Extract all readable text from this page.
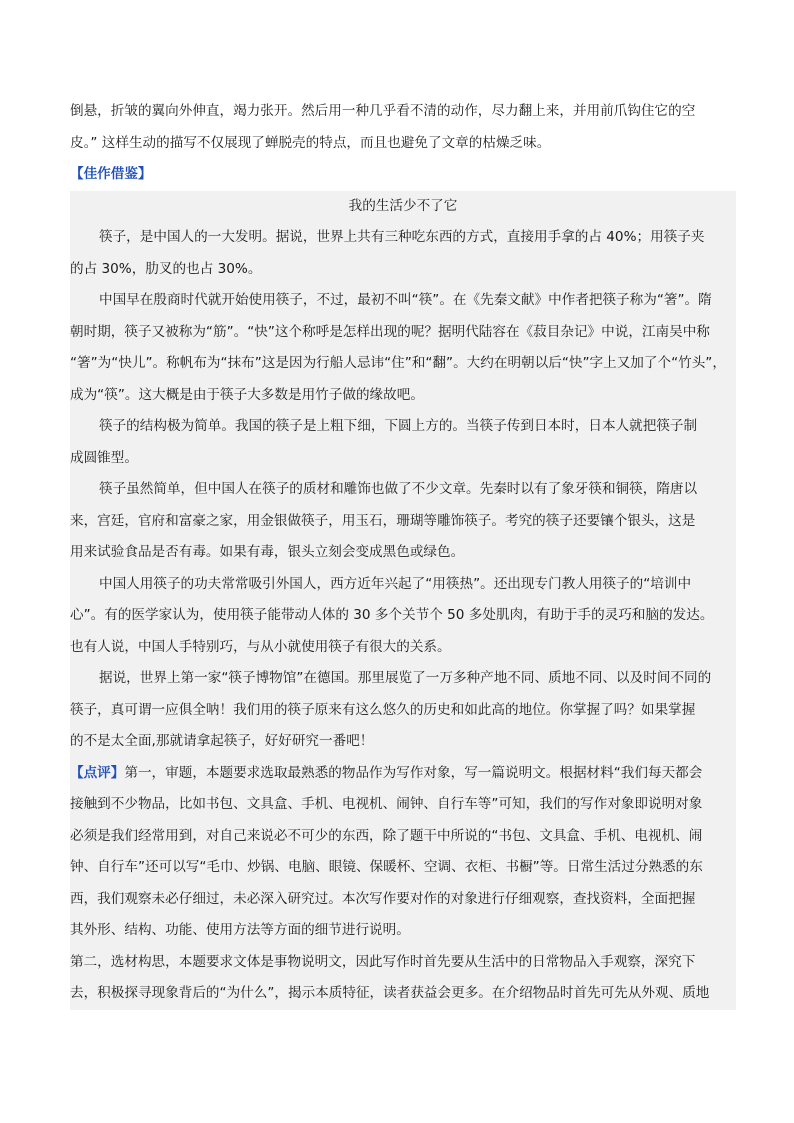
倒悬，折皱的翼向外伸直，竭力张开。然后用一种几乎看不清的动作，尽力翻上来，并用前爪钩住它的空

皮。” 这样生动的描写不仅展现了蝉脱壳的特点，而且也避免了文章的枯燥乏味。

【佳作借鉴】

我的生活少不了它

筷子，是中国人的一大发明。据说，世界上共有三种吃东西的方式，直接用手拿的占 40%；用筷子夹

的占 30%，肋叉的也占 30%。

中国早在殷商时代就开始使用筷子，不过，最初不叫“筷”。在《先秦文献》中作者把筷子称为“箸”。隋

朝时期，筷子又被称为“筋”。“快”这个称呼是怎样出现的呢？据明代陆容在《菽目杂记》中说，江南吴中称

“箸”为“快儿”。称帆布为“抹布”这是因为行船人忌讳“住”和“翻”。大约在明朝以后“快”字上又加了个“竹头”，

成为“筷”。这大概是由于筷子大多数是用竹子做的缘故吧。

筷子的结构极为简单。我国的筷子是上粗下细，下圆上方的。当筷子传到日本时，日本人就把筷子制

成圆锥型。

筷子虽然简单，但中国人在筷子的质材和雕饰也做了不少文章。先秦时以有了象牙筷和铜筷，隋唐以

来，宫廷，官府和富豪之家，用金银做筷子，用玉石，珊瑚等雕饰筷子。考究的筷子还要镶个银头，这是

用来试验食品是否有毒。如果有毒，银头立刻会变成黑色或绿色。

中国人用筷子的功夫常常吸引外国人，西方近年兴起了“用筷热”。还出现专门教人用筷子的“培训中

心”。有的医学家认为，使用筷子能带动人体的 30 多个关节个 50 多处肌肉，有助于手的灵巧和脑的发达。

也有人说，中国人手特别巧，与从小就使用筷子有很大的关系。

据说，世界上第一家“筷子博物馆”在德国。那里展览了一万多种产地不同、质地不同、以及时间不同的

筷子，真可谓一应俱全呐！我们用的筷子原来有这么悠久的历史和如此高的地位。你掌握了吗？如果掌握

的不是太全面,那就请拿起筷子，好好研究一番吧！

【点评】第一，审题，本题要求选取最熟悉的物品作为写作对象，写一篇说明文。根据材料“我们每天都会

接触到不少物品，比如书包、文具盒、手机、电视机、闹钟、自行车等”可知，我们的写作对象即说明对象

必须是我们经常用到，对自己来说必不可少的东西，除了题干中所说的“书包、文具盒、手机、电视机、闹

钟、自行车”还可以写“毛巾、炒锅、电脑、眼镜、保暖杯、空调、衣柜、书橱”等。日常生活过分熟悉的东

西，我们观察未必仔细过，未必深入研究过。本次写作要对作的对象进行仔细观察，查找资料，全面把握

其外形、结构、功能、使用方法等方面的细节进行说明。

第二，选材构思，本题要求文体是事物说明文，因此写作时首先要从生活中的日常物品入手观察，深究下

去，积极探寻现象背后的“为什么”，揭示本质特征，读者获益会更多。在介绍物品时首先可先从外观、质地
